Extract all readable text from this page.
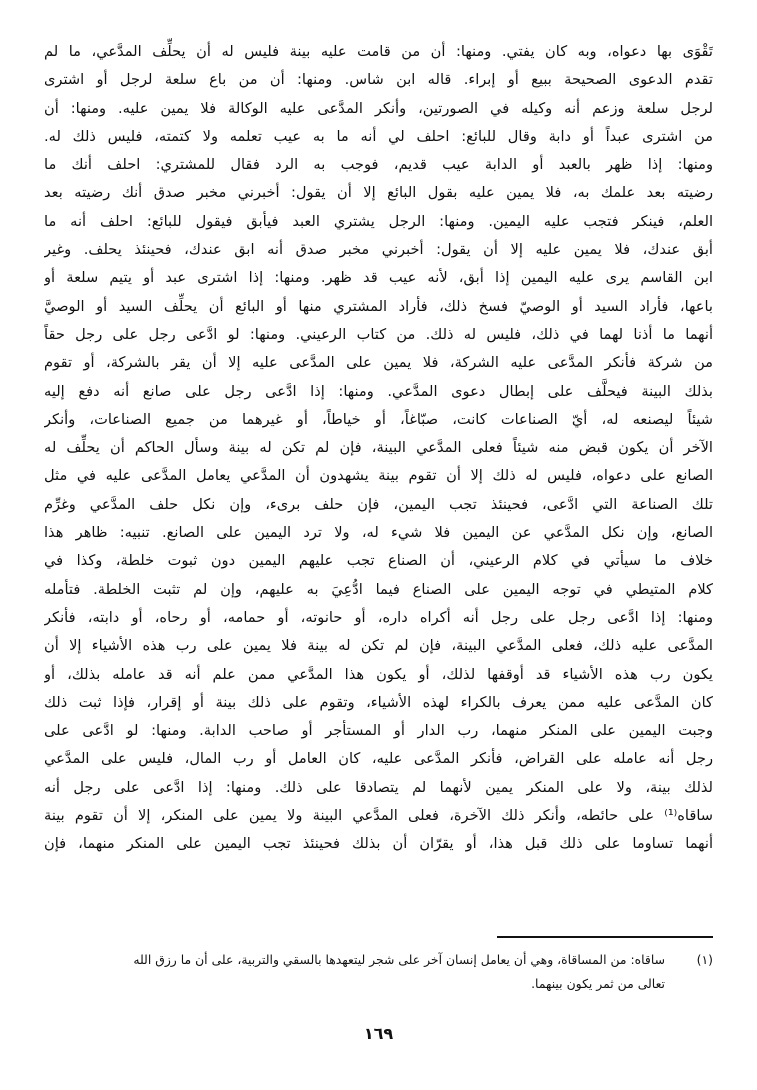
تَقْوَى بها دعواه، وبه كان يفتي. ومنها: أن من قامت عليه بينة فليس له أن يحلِّف المدَّعي، ما لم
تقدم الدعوى الصحيحة ببيع أو إبراء. قاله ابن شاس. ومنها: أن من باع سلعة لرجل أو اشترى
لرجل سلعة وزعم أنه وكيله في الصورتين، وأنكر المدَّعى عليه الوكالة فلا يمين عليه. ومنها: أن
من اشترى عبداً أو دابة وقال للبائع: احلف لي أنه ما به عيب تعلمه ولا كتمته، فليس ذلك له.
ومنها: إذا ظهر بالعبد أو الدابة عيب قديم، فوجب به الرد فقال للمشتري: احلف أنك ما
رضيته بعد علمك به، فلا يمين عليه بقول البائع إلا أن يقول: أخبرني مخبر صدق أنك رضيته بعد
العلم، فينكر فتجب عليه اليمين. ومنها: الرجل يشتري العبد فيأبق فيقول للبائع: احلف أنه ما
أبق عندك، فلا يمين عليه إلا أن يقول: أخبرني مخبر صدق أنه ابق عندك، فحينئذ يحلف. وغير
ابن القاسم يرى عليه اليمين إذا أبق، لأنه عيب قد ظهر. ومنها: إذا اشترى عبد أو يتيم سلعة أو
باعها، فأراد السيد أو الوصيّ فسخ ذلك، فأراد المشتري منها أو البائع أن يحلِّف السيد أو الوصيَّ
أنهما ما أذنا لهما في ذلك، فليس له ذلك. من كتاب الرعيني. ومنها: لو ادَّعى رجل على رجل حقاً
من شركة فأنكر المدَّعى عليه الشركة، فلا يمين على المدَّعى عليه إلا أن يقر بالشركة، أو تقوم
بذلك البينة فيحلَّف على إبطال دعوى المدَّعي. ومنها: إذا ادَّعى رجل على صانع أنه دفع إليه
شيئاً ليصنعه له، أيّ الصناعات كانت، صبّاغاً، أو خياطاً، أو غيرهما من جميع الصناعات، وأنكر
الآخر أن يكون قبض منه شيئاً فعلى المدَّعي البينة، فإن لم تكن له بينة وسأل الحاكم أن يحلِّف له
الصانع على دعواه، فليس له ذلك إلا أن تقوم بينة يشهدون أن المدَّعي يعامل المدَّعى عليه في مثل
تلك الصناعة التي ادَّعى، فحينئذ تجب اليمين، فإن حلف برىء، وإن نكل حلف المدَّعي وغرِّم
الصانع، وإن نكل المدَّعي عن اليمين فلا شيء له، ولا ترد اليمين على الصانع. تنبيه: ظاهر هذا
خلاف ما سيأتي في كلام الرعيني، أن الصناع تجب عليهم اليمين دون ثبوت خلطة، وكذا في
كلام المتيطي في توجه اليمين على الصناع فيما ادُّعِيَ به عليهم، وإن لم تثبت الخلطة. فتأمله
ومنها: إذا ادَّعى رجل على رجل أنه أكراه داره، أو حانوته، أو حمامه، أو رحاه، أو دابته، فأنكر
المدَّعى عليه ذلك، فعلى المدَّعي البينة، فإن لم تكن له بينة فلا يمين على رب هذه الأشياء إلا أن
يكون رب هذه الأشياء قد أوقفها لذلك، أو يكون هذا المدَّعي ممن علم أنه قد عامله بذلك، أو
كان المدَّعى عليه ممن يعرف بالكراء لهذه الأشياء، وتقوم على ذلك بينة أو إقرار، فإذا ثبت ذلك
وجبت اليمين على المنكر منهما، رب الدار أو المستأجر أو صاحب الدابة. ومنها: لو ادَّعى على
رجل أنه عامله على القراض، فأنكر المدَّعى عليه، كان العامل أو رب المال، فليس على المدَّعي
لذلك بينة، ولا على المنكر يمين لأنهما لم يتصادقا على ذلك. ومنها: إذا ادَّعى على رجل أنه
ساقاه⁽¹⁾ على حائطه، وأنكر ذلك الآخرة، فعلى المدَّعي البينة ولا يمين على المنكر، إلا أن تقوم بينة
أنهما تساوما على ذلك قبل هذا، أو يقرّان أن بذلك فحينئذ تجب اليمين على المنكر منهما، فإن
(١)ساقاه: من المساقاة، وهي أن يعامل إنسان آخر على شجر ليتعهدها بالسقي والتربية، على أن ما رزق الله
تعالى من ثمر يكون بينهما.
١٦٩
